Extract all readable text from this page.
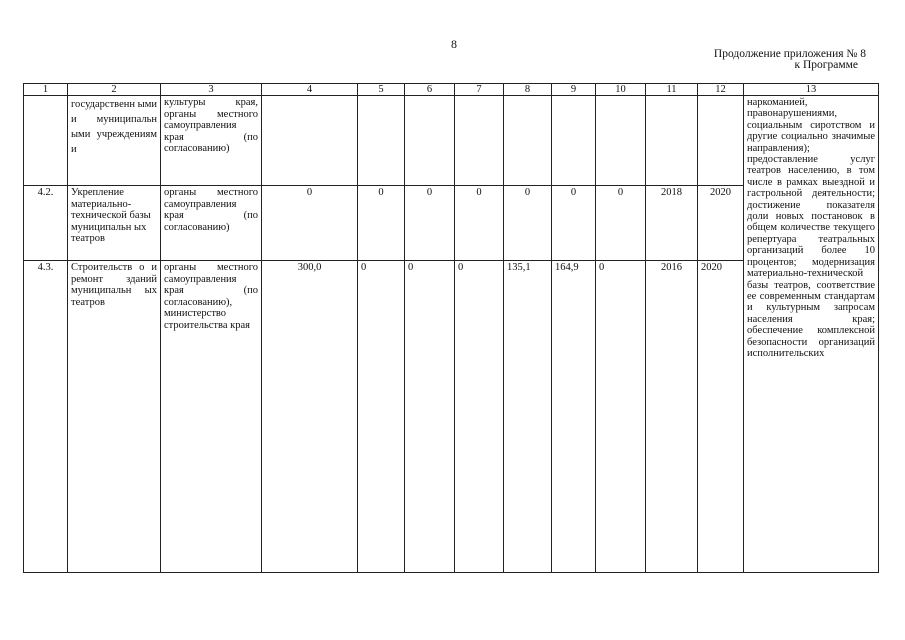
8
Продолжение приложения № 8
к Программе
1	2	3	4	5	6	7	8	9	10	11	12	13
	государственн ыми и муниципальн ыми учреждениям и	культуры края, органы местного самоуправления края (по согласованию)										наркоманией, правонарушениями, социальным сиротством и другие социально значимые направления); предоставление услуг театров населению, в том числе в рамках выездной и гастрольной деятельности; достижение показателя доли новых постановок в общем количестве текущего репертуара театральных организаций более 10 процентов; модернизация материально-технической базы театров, соответствие ее современным стандартам и культурным запросам населения края; обеспечение комплексной безопасности организаций исполнительских
4.2.	Укрепление материально-технической базы муниципальн ых театров	органы местного самоуправления края (по согласованию)	0	0	0	0	0	0	0	2018	2020	
4.3.	Строительств о и ремонт зданий муниципальн ых театров	органы местного самоуправления края (по согласованию), министерство строительства края	300,0	0	0	0	135,1	164,9	0	2016	2020	
